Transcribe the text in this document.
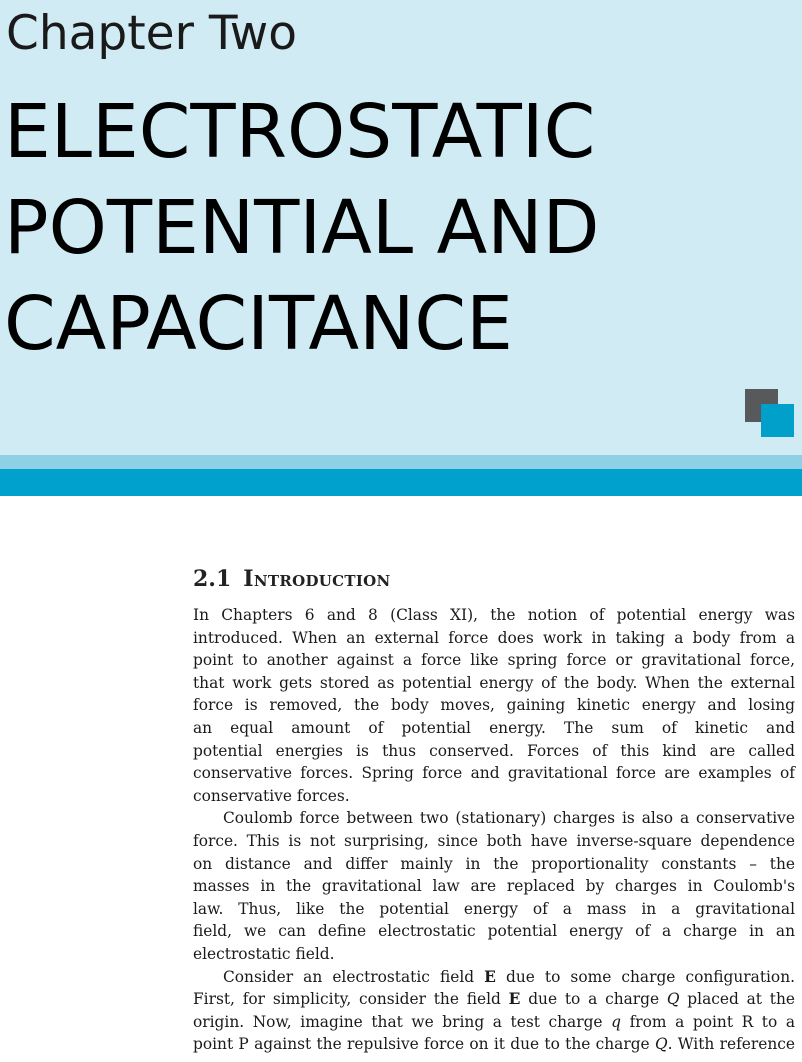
Chapter Two
ELECTROSTATIC
POTENTIAL AND
CAPACITANCE
2.1 Introduction

In Chapters 6 and 8 (Class XI), the notion of potential energy was
introduced. When an external force does work in taking a body from a
point to another against a force like spring force or gravitational force,
that work gets stored as potential energy of the body. When the external
force is removed, the body moves, gaining kinetic energy and losing
an equal amount of potential energy. The sum of kinetic and
potential energies is thus conserved. Forces of this kind are called
conservative forces. Spring force and gravitational force are examples of

conservative forces.

Coulomb force between two (stationary) charges is also a conservative
force. This is not surprising, since both have inverse-square dependence
on distance and differ mainly in the proportionality constants – the
masses in the gravitational law are replaced by charges in Coulomb's
law. Thus, like the potential energy of a mass in a gravitational
field, we can define electrostatic potential energy of a charge in an

electrostatic field.

Consider an electrostatic field E due to some charge configuration.
First, for simplicity, consider the field E due to a charge Q placed at the
origin. Now, imagine that we bring a test charge q from a point R to a
point P against the repulsive force on it due to the charge Q. With reference
